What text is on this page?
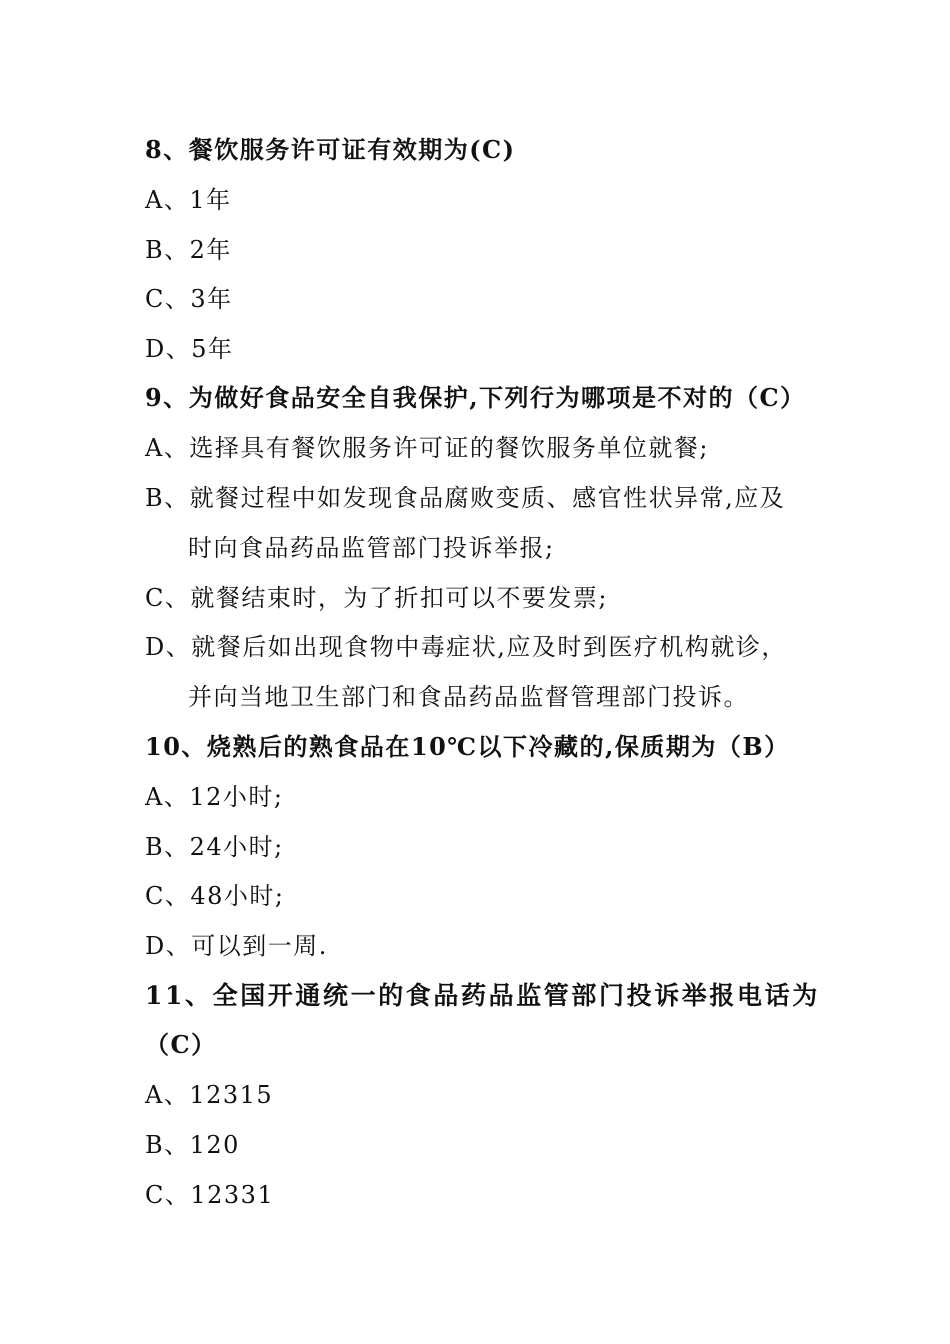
8、餐饮服务许可证有效期为(C)
A、1年
B、2年
C、3年
D、5年
9、为做好食品安全自我保护,下列行为哪项是不对的（C）
A、选择具有餐饮服务许可证的餐饮服务单位就餐;
B、就餐过程中如发现食品腐败变质、感官性状异常,应及
时向食品药品监管部门投诉举报;
C、就餐结束时，为了折扣可以不要发票;
D、就餐后如出现食物中毒症状,应及时到医疗机构就诊，
并向当地卫生部门和食品药品监督管理部门投诉。
10、烧熟后的熟食品在10℃以下冷藏的,保质期为（B）
A、12小时;
B、24小时;
C、48小时;
D、可以到一周.
11、全国开通统一的食品药品监管部门投诉举报电话为
（C）
A、12315
B、120
C、12331
